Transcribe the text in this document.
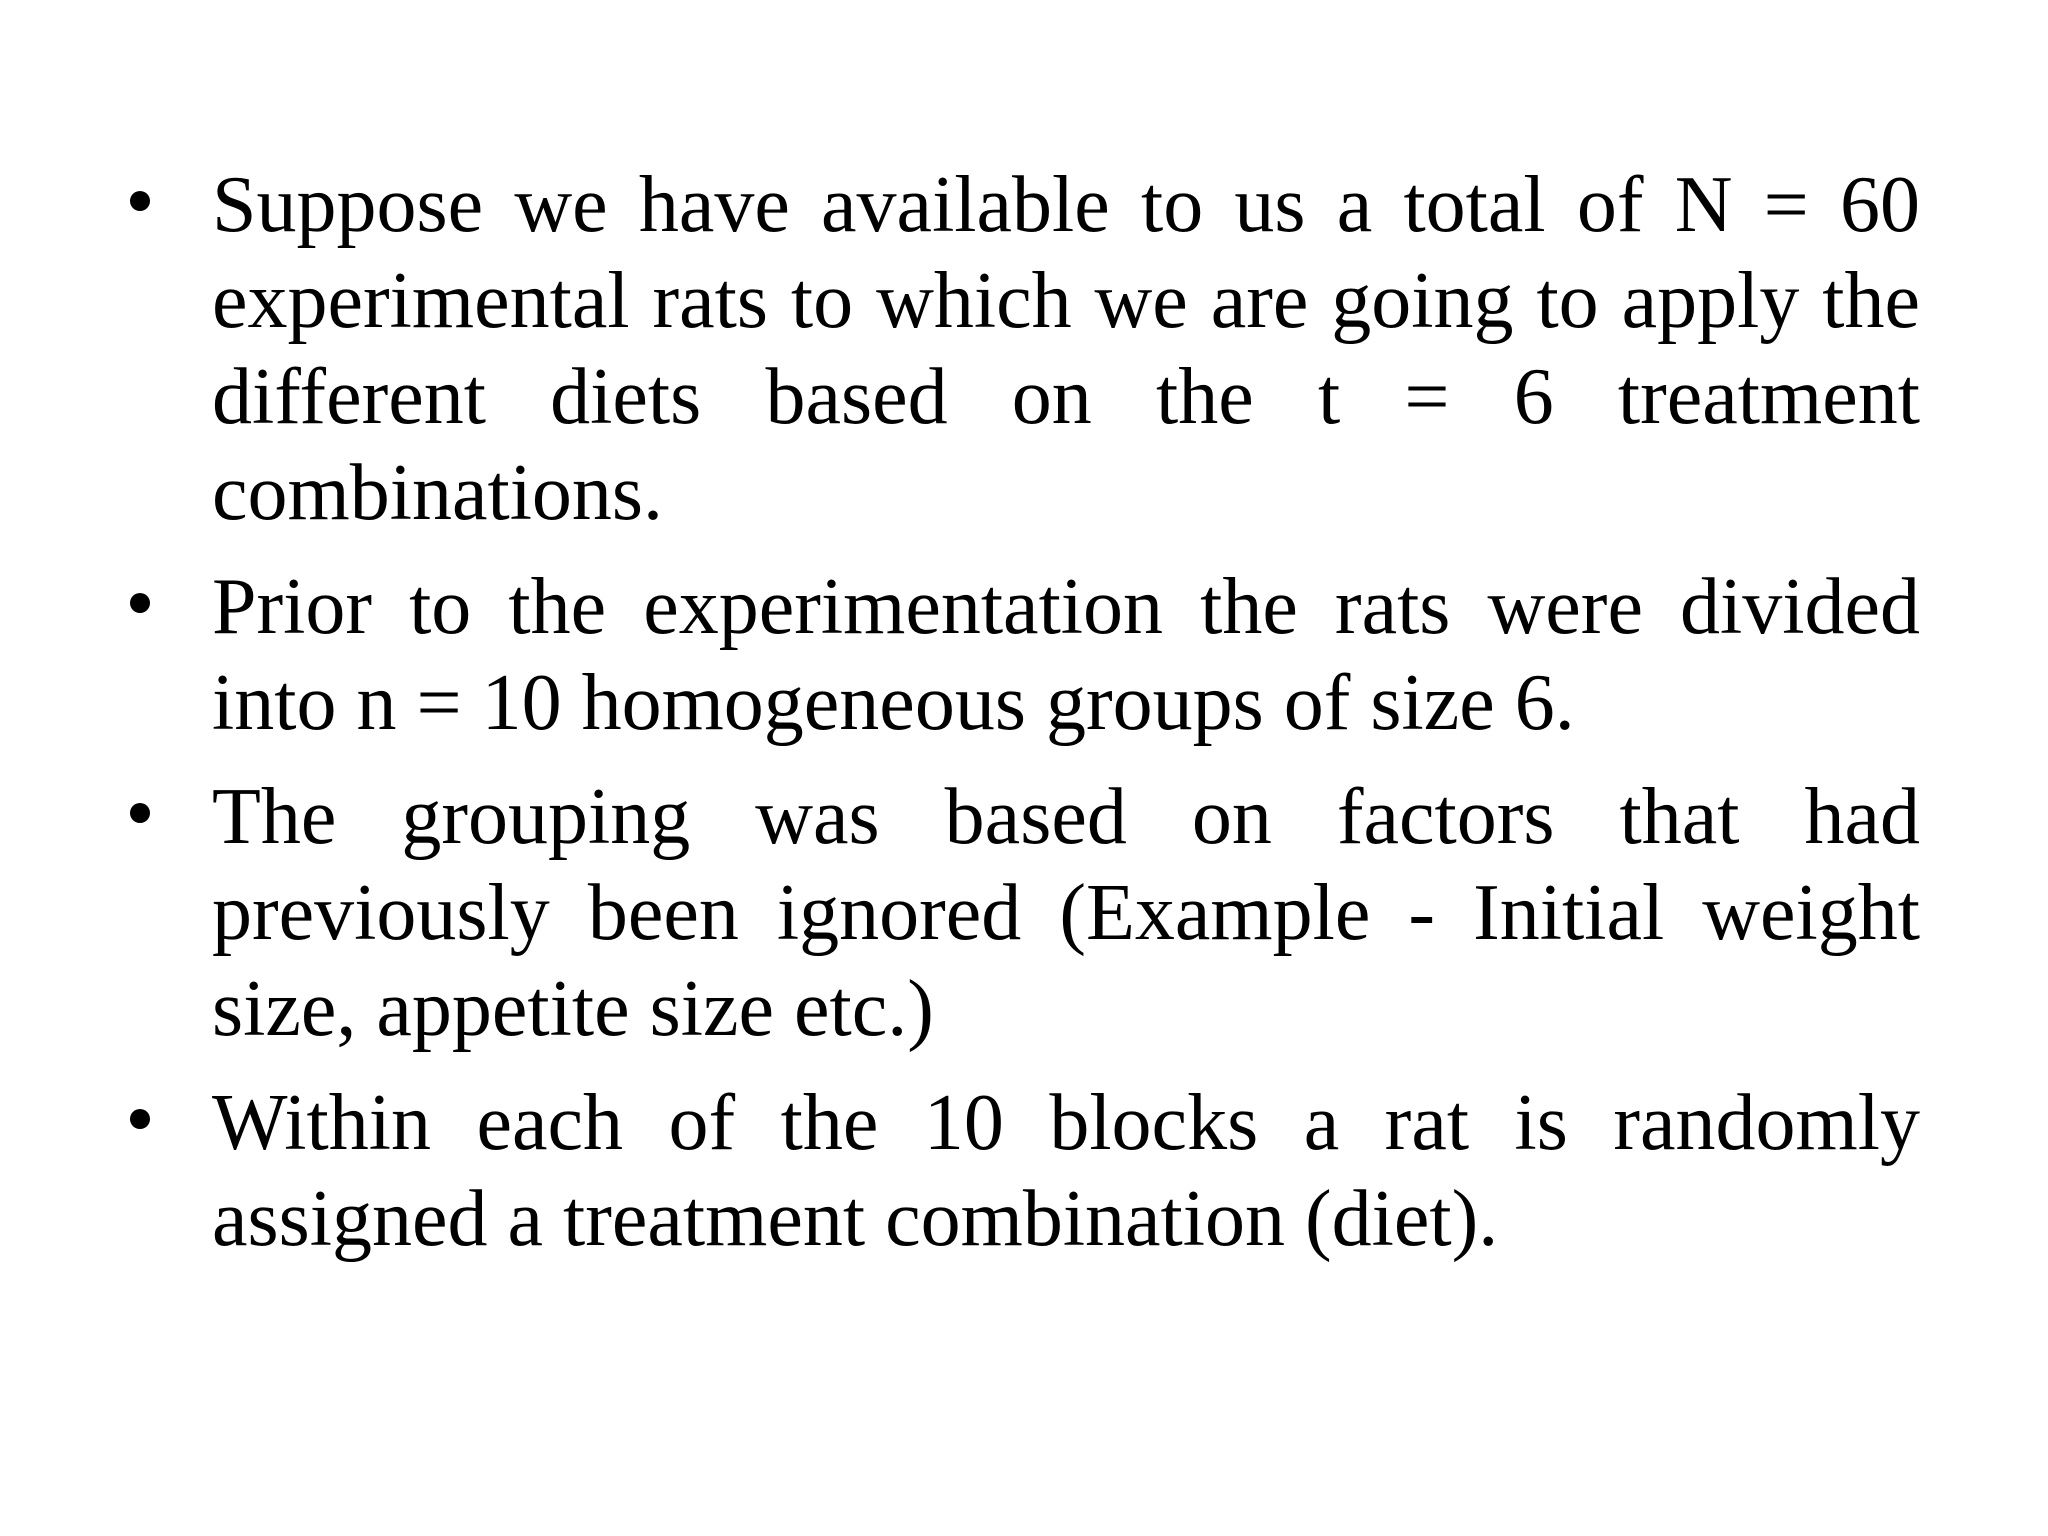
Suppose we have available to us a total of N = 60 experimental rats to which we are going to apply the different diets based on the t = 6 treatment combinations.
Prior to the experimentation the rats were divided into n = 10 homogeneous groups of size 6.
The grouping was based on factors that had previously been ignored (Example - Initial weight size, appetite size etc.)
Within each of the 10 blocks a rat is randomly assigned a treatment combination (diet).
